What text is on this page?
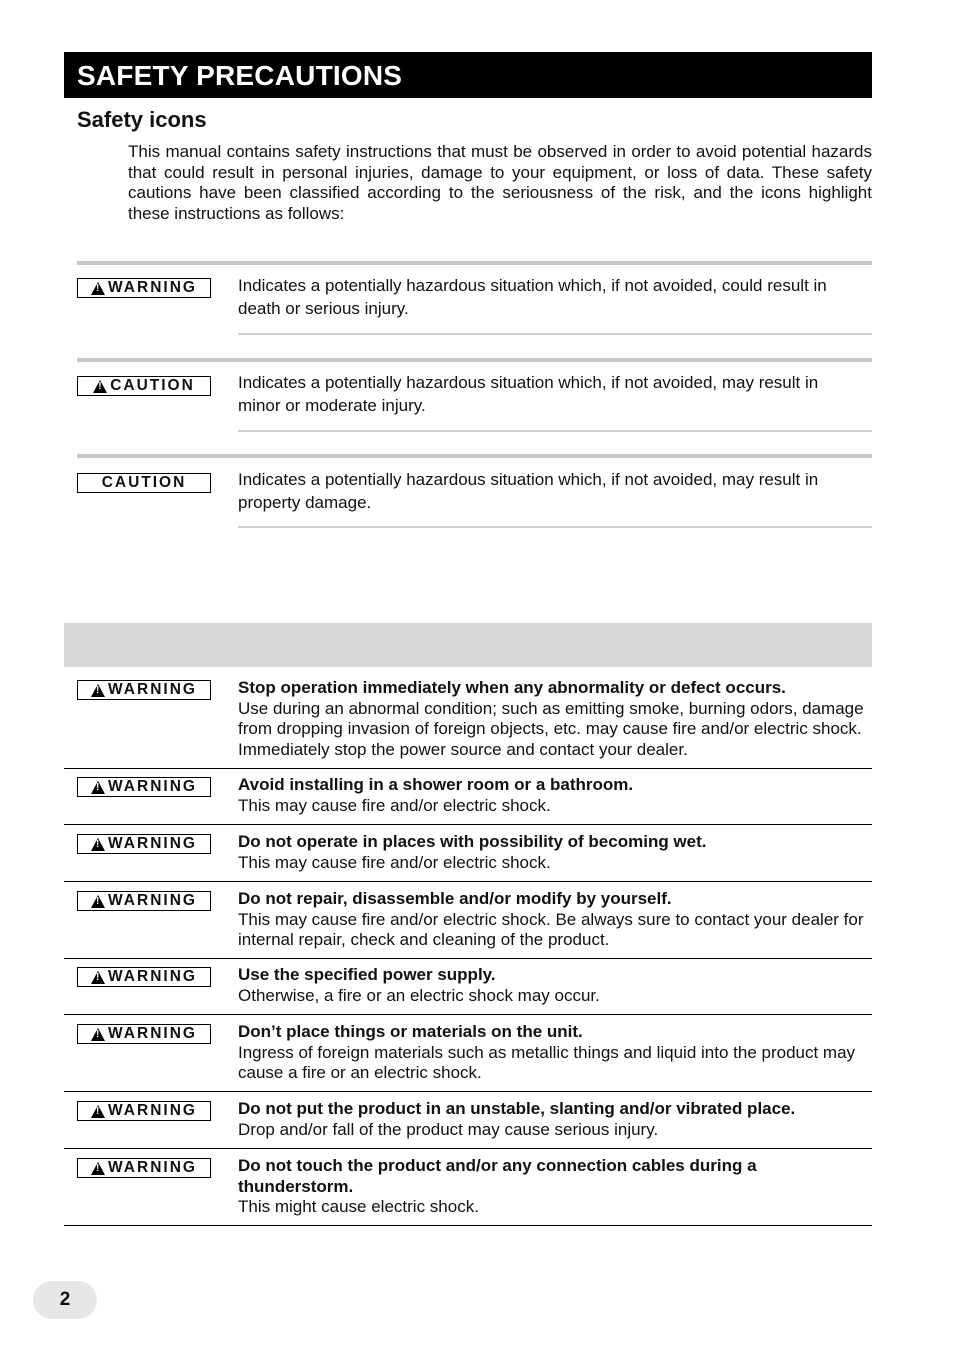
SAFETY PRECAUTIONS
Safety icons
This manual contains safety instructions that must be observed in order to avoid potential hazards that could result in personal injuries, damage to your equipment, or loss of data. These safety cautions have been classified according to the seriousness of the risk, and the icons highlight these instructions as follows:
!
WARNING Indicates a potentially hazardous situation which, if not avoided, could result in death or serious injury.
!
CAUTION	Indicates a potentially hazardous situation which, if not avoided, may result in minor or moderate injury.
CAUTION	Indicates a potentially hazardous situation which, if not avoided, may result in property damage.
!
WARNING Stop operation immediately when any abnormality or defect occurs.
Use during an abnormal condition; such as emitting smoke, burning odors, damage from dropping invasion of foreign objects, etc. may cause fire and/or electric shock. Immediately stop the power source and contact your dealer.
!
WARNING Avoid installing in a shower room or a bathroom.
This may cause fire and/or electric shock.
!
WARNING Do not operate in places with possibility of becoming wet.
This may cause fire and/or electric shock.
!
WARNING Do not repair, disassemble and/or modify by yourself.
This may cause fire and/or electric shock. Be always sure to contact your dealer for internal repair, check and cleaning of the product.
!
WARNING Use the specified power supply.
Otherwise, a fire or an electric shock may occur.
!
WARNING Don’t place things or materials on the unit.
Ingress of foreign materials such as metallic things and liquid into the product may cause a fire or an electric shock.
!
WARNING Do not put the product in an unstable, slanting and/or vibrated place.
Drop and/or fall of the product may cause serious injury.
!
WARNING Do not touch the product and/or any connection cables during a thunderstorm.
This might cause electric shock.
2
